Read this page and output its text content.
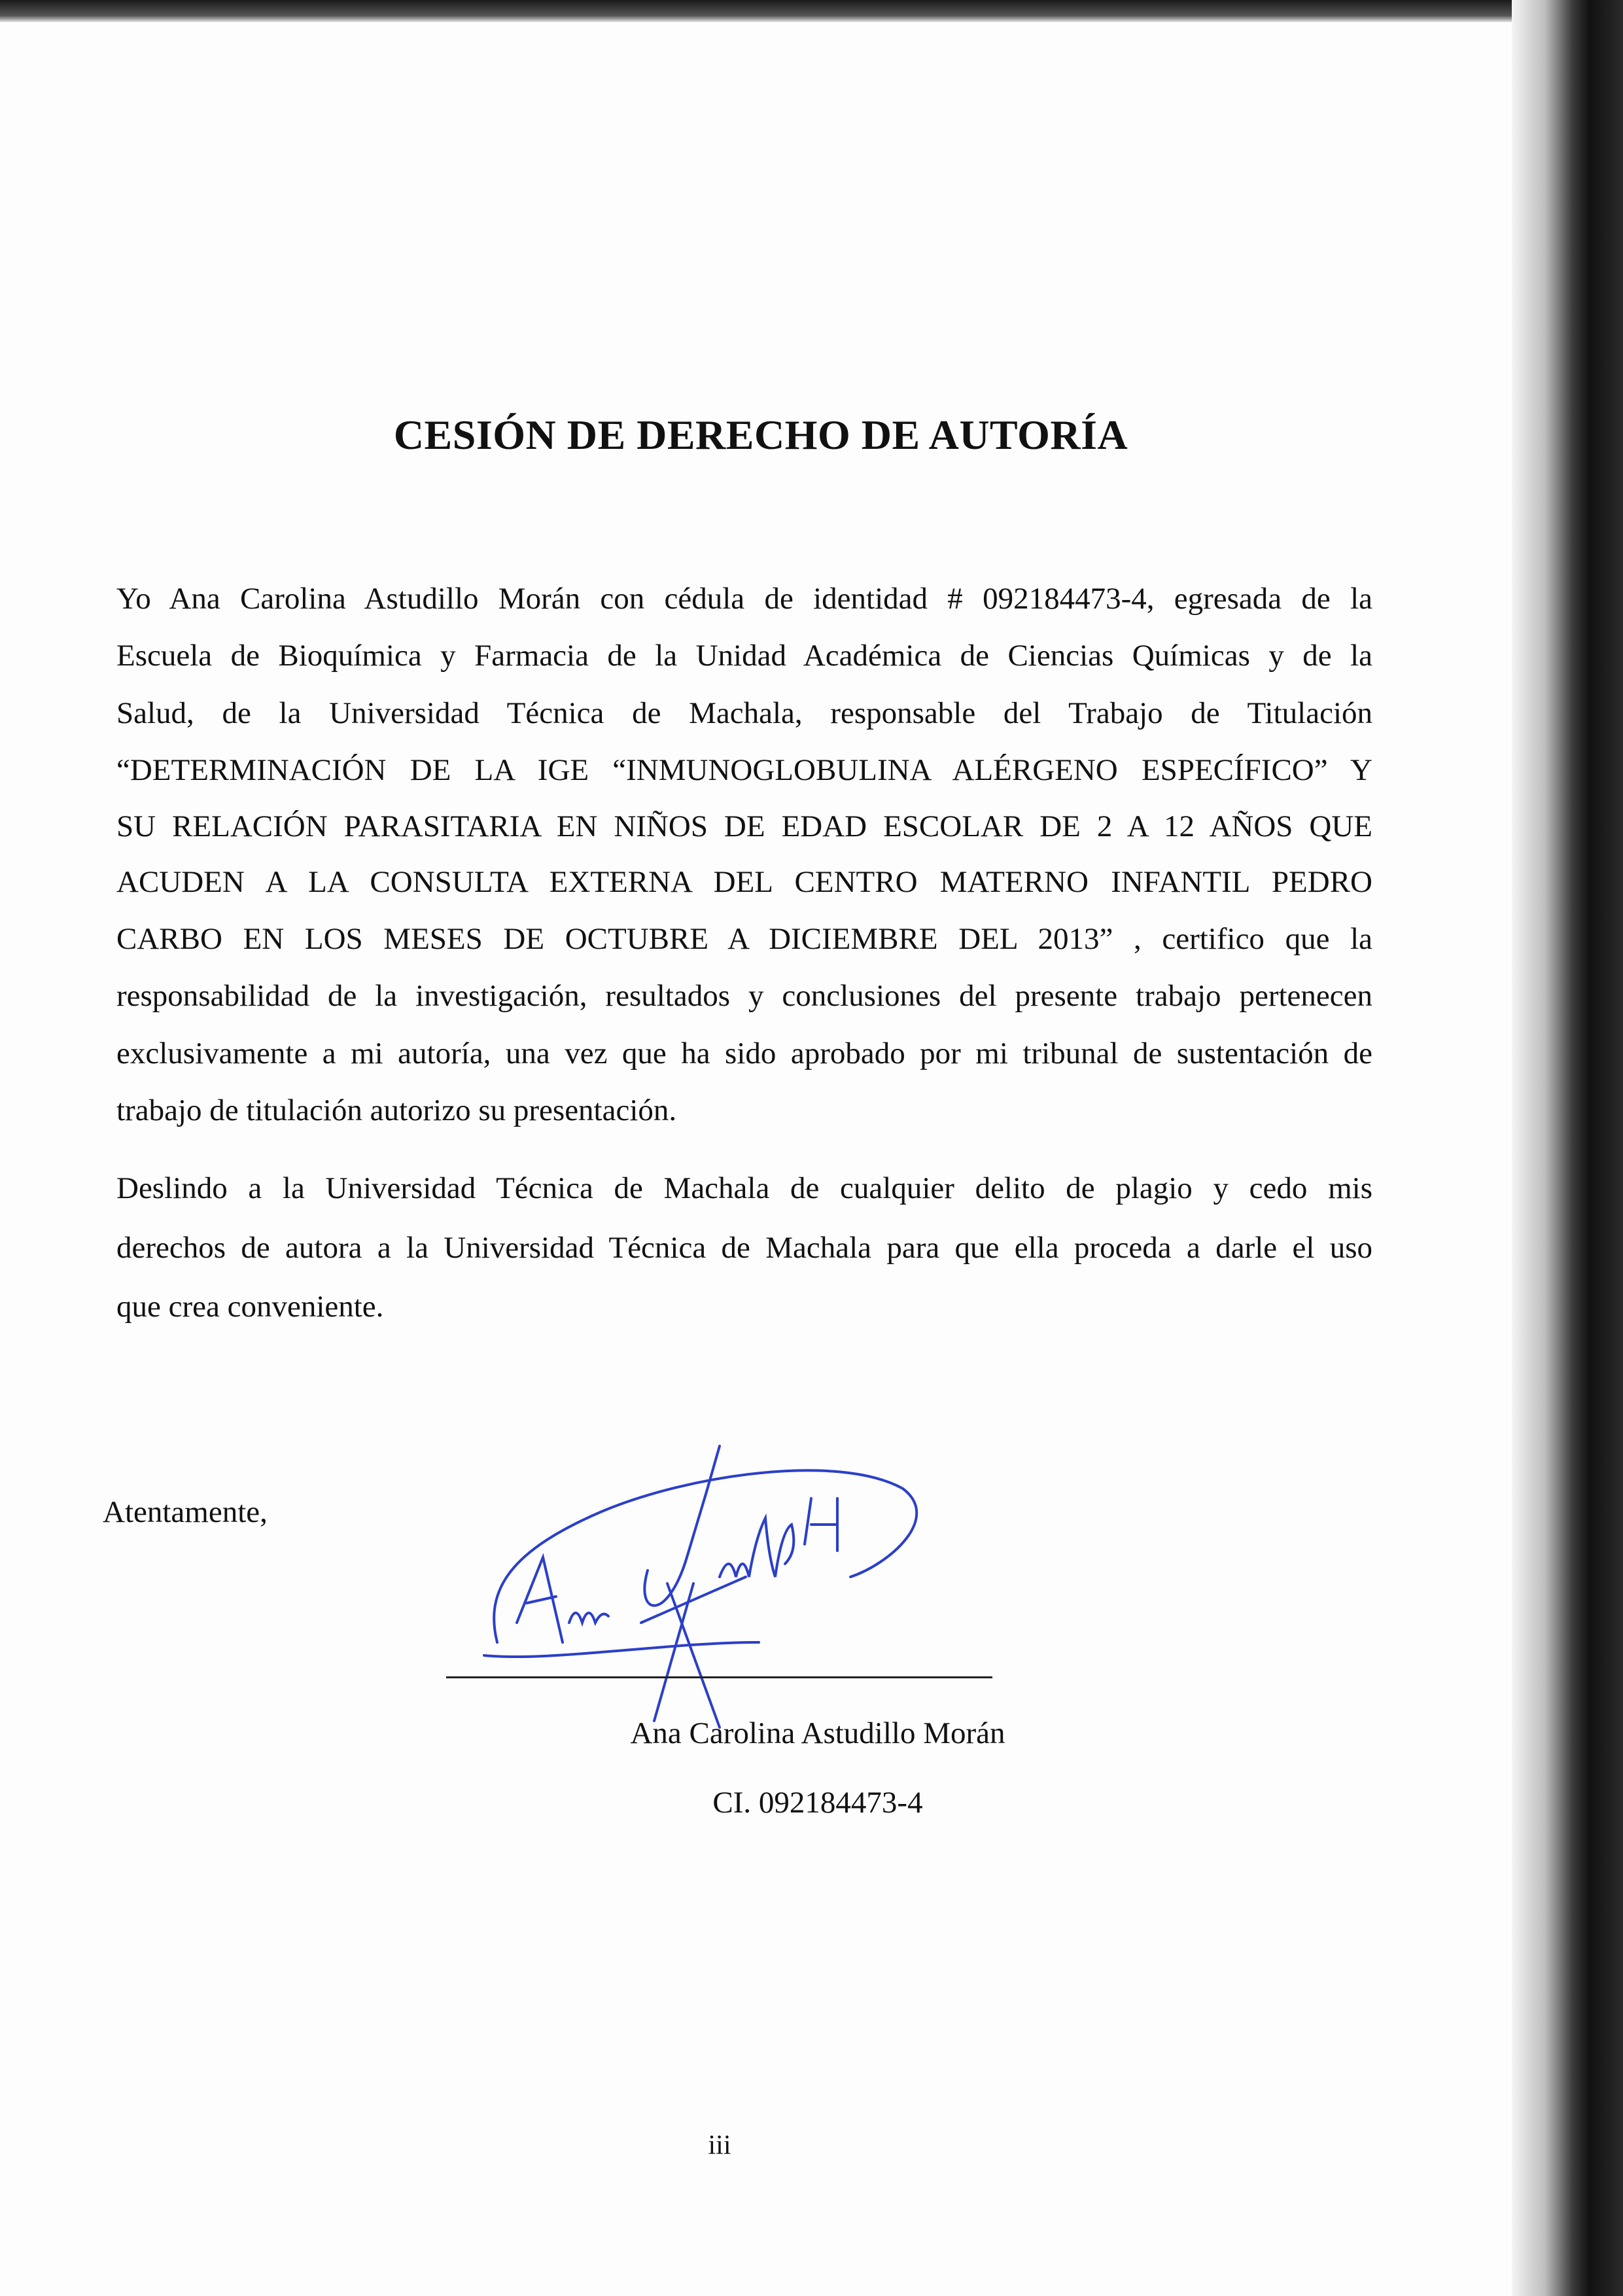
CESIÓN DE DERECHO DE AUTORÍA
Yo Ana Carolina Astudillo Morán con cédula de identidad # 092184473-4, egresada de la
Escuela de Bioquímica y Farmacia de la Unidad Académica de Ciencias Químicas y de la
Salud, de la Universidad Técnica de Machala, responsable del Trabajo de Titulación
“DETERMINACIÓN DE LA IGE “INMUNOGLOBULINA ALÉRGENO ESPECÍFICO” Y
SU RELACIÓN PARASITARIA EN NIÑOS DE EDAD ESCOLAR DE 2 A 12 AÑOS QUE
ACUDEN A LA CONSULTA EXTERNA DEL CENTRO MATERNO INFANTIL PEDRO
CARBO EN LOS MESES DE OCTUBRE A DICIEMBRE DEL 2013” , certifico que la
responsabilidad de la investigación, resultados y conclusiones del presente trabajo pertenecen
exclusivamente a mi autoría, una vez que ha sido aprobado por mi tribunal de sustentación de
trabajo de titulación autorizo su presentación.
Deslindo a la Universidad Técnica de Machala de cualquier delito de plagio y cedo mis
derechos de autora a la Universidad Técnica de Machala para que ella proceda a darle el uso
que crea conveniente.
Atentamente,
Ana Carolina Astudillo Morán
CI. 092184473-4
iii
